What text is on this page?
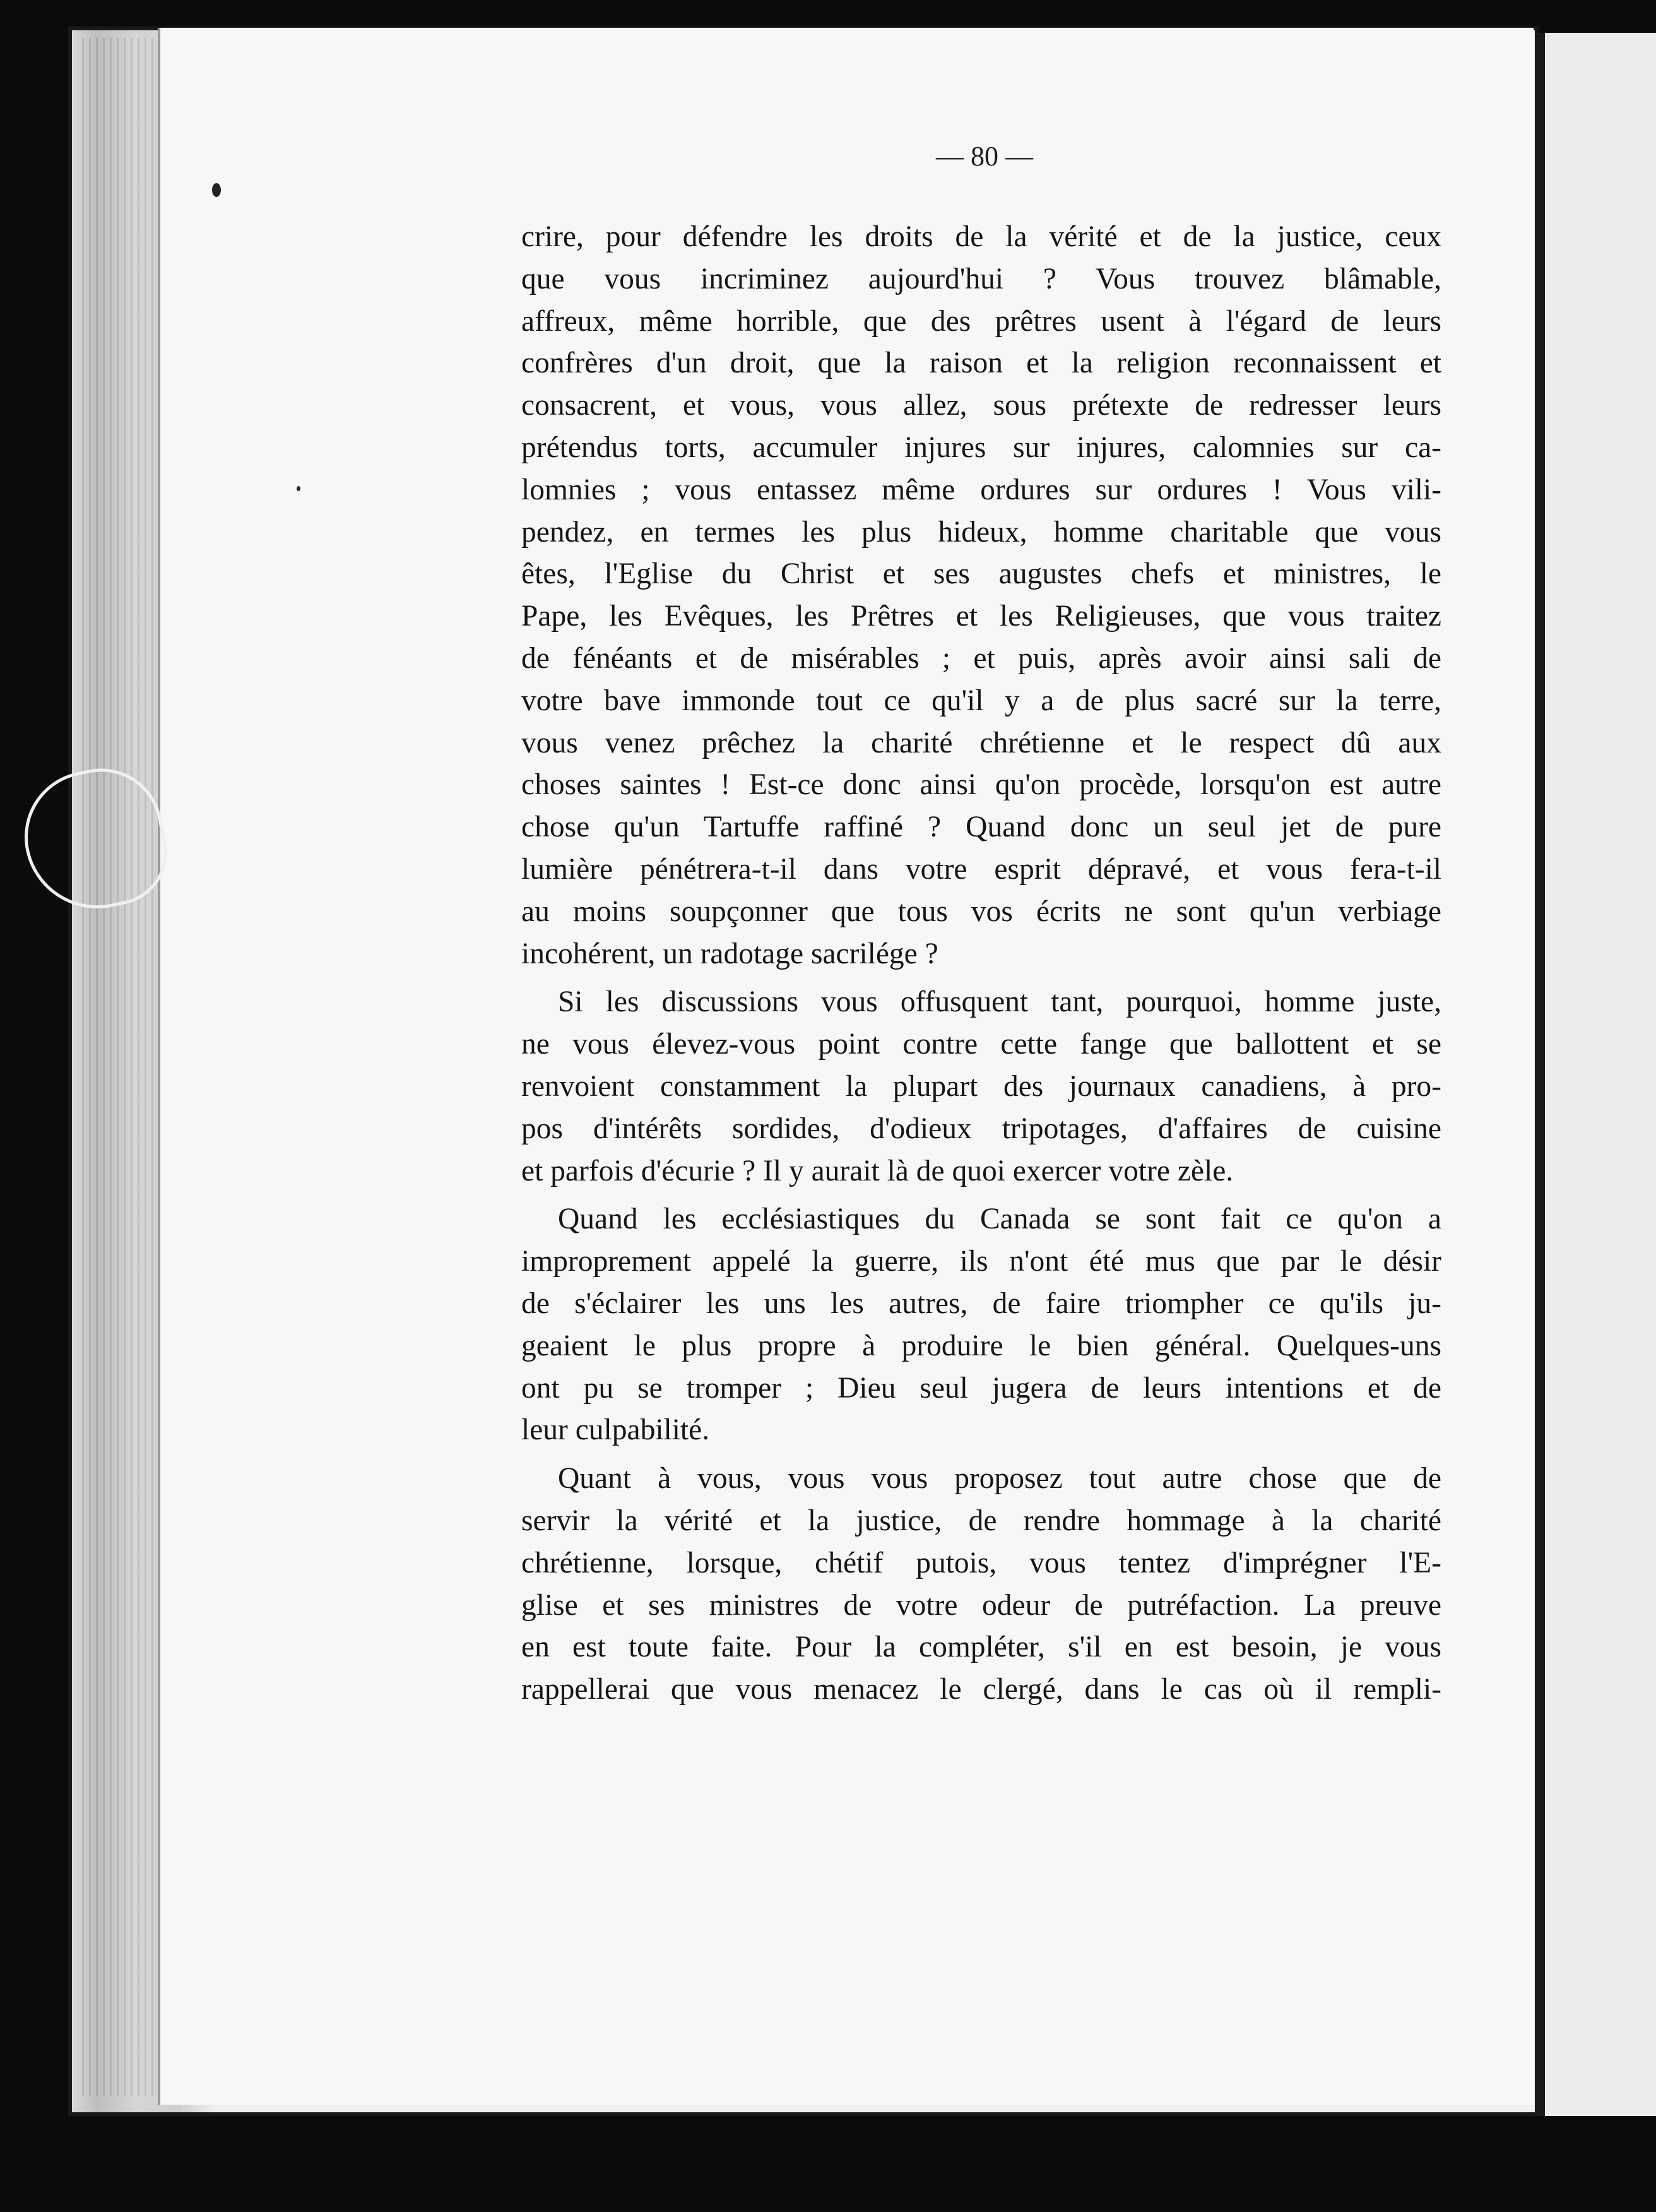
— 80 —
crire, pour défendre les droits de la vérité et de la justice, ceux
que vous incriminez aujourd'hui ? Vous trouvez blâmable,
affreux, même horrible, que des prêtres usent à l'égard de leurs
confrères d'un droit, que la raison et la religion reconnaissent et
consacrent, et vous, vous allez, sous prétexte de redresser leurs
prétendus torts, accumuler injures sur injures, calomnies sur ca-
lomnies ; vous entassez même ordures sur ordures ! Vous vili-
pendez, en termes les plus hideux, homme charitable que vous
êtes, l'Eglise du Christ et ses augustes chefs et ministres, le
Pape, les Evêques, les Prêtres et les Religieuses, que vous traitez
de fénéants et de misérables ; et puis, après avoir ainsi sali de
votre bave immonde tout ce qu'il y a de plus sacré sur la terre,
vous venez prêchez la charité chrétienne et le respect dû aux
choses saintes ! Est-ce donc ainsi qu'on procède, lorsqu'on est autre
chose qu'un Tartuffe raffiné ? Quand donc un seul jet de pure
lumière pénétrera-t-il dans votre esprit dépravé, et vous fera-t-il
au moins soupçonner que tous vos écrits ne sont qu'un verbiage
incohérent, un radotage sacrilége ?
Si les discussions vous offusquent tant, pourquoi, homme juste,
ne vous élevez-vous point contre cette fange que ballottent et se
renvoient constamment la plupart des journaux canadiens, à pro-
pos d'intérêts sordides, d'odieux tripotages, d'affaires de cuisine
et parfois d'écurie ? Il y aurait là de quoi exercer votre zèle.
Quand les ecclésiastiques du Canada se sont fait ce qu'on a
improprement appelé la guerre, ils n'ont été mus que par le désir
de s'éclairer les uns les autres, de faire triompher ce qu'ils ju-
geaient le plus propre à produire le bien général. Quelques-uns
ont pu se tromper ; Dieu seul jugera de leurs intentions et de
leur culpabilité.
Quant à vous, vous vous proposez tout autre chose que de
servir la vérité et la justice, de rendre hommage à la charité
chrétienne, lorsque, chétif putois, vous tentez d'imprégner l'E-
glise et ses ministres de votre odeur de putréfaction. La preuve
en est toute faite. Pour la compléter, s'il en est besoin, je vous
rappellerai que vous menacez le clergé, dans le cas où il rempli-
